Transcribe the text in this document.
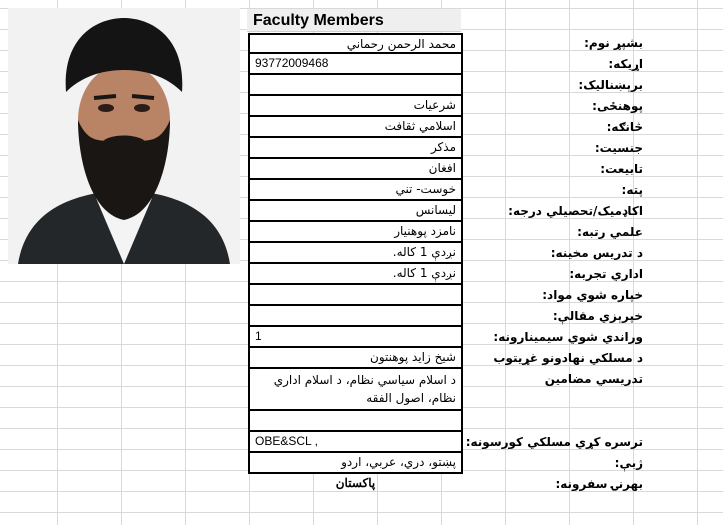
Faculty Members
محمد الرحمن رحماني
93772009468
شرعیات
اسلامي ثقافت
مذکر
افغان
خوست- تني
لیسانس
نامزد پوهنیار
نږدې 1 کاله.
نږدې 1 کاله.
1
شیخ زاید پوهنتون
د اسلام سیاسي نظام، د اسلام اداري نظام، اصول الفقه
OBE&SCL ,
پښتو، دري، عربي، اردو
پاکستان
بشپړ نوم:
اړیکه:
برېښناليک:
پوهنځی:
څانګه:
جنسیت:
تابیعت:
پته:
اکاډمیک/تحصیلي درجه:
علمي رتبه:
د تدریس مخینه:
اداري تجربه:
خپاره شوي مواد:
خپرېزي مقالې:
وراندي شوي سيمينارونه:
د مسلکي نهادونو غړیتوب
تدريسي مضامين
ترسره کړي مسلکي کورسونه:
ژبې:
بهرنۍ سفرونه:
